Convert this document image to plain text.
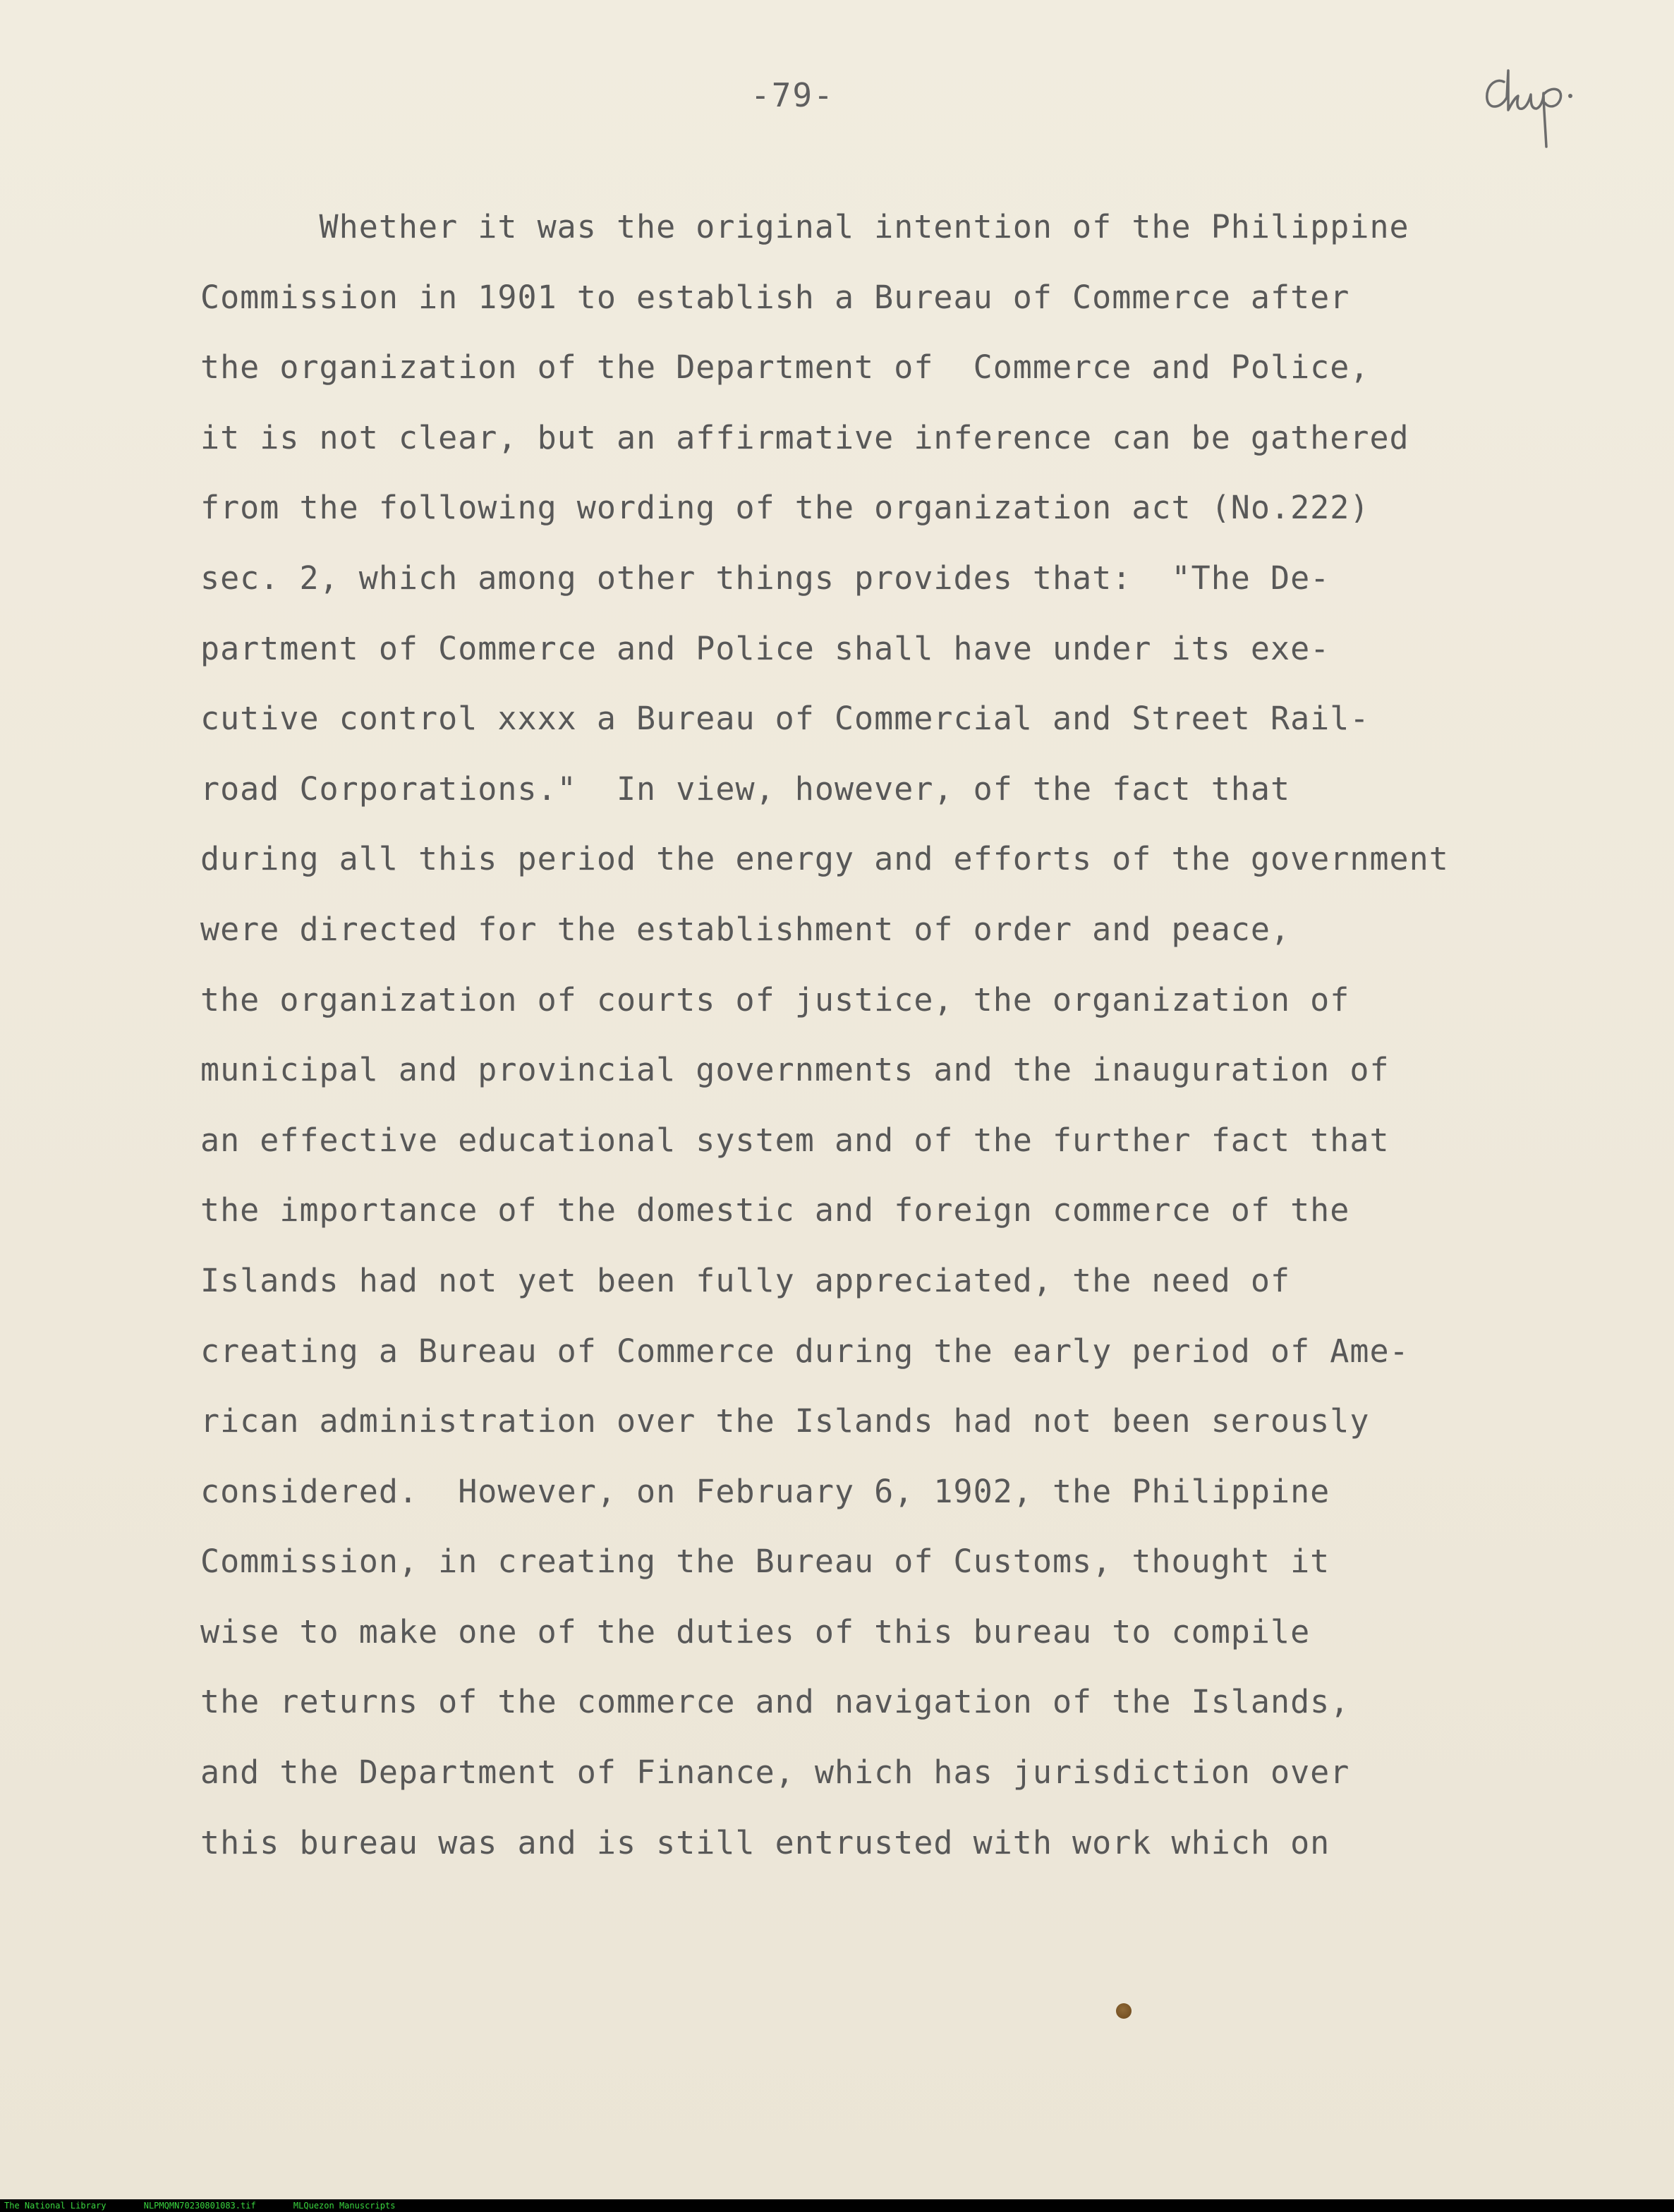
-79-
Whether it was the original intention of the Philippine
Commission in 1901 to establish a Bureau of Commerce after
the organization of the Department of  Commerce and Police,
it is not clear, but an affirmative inference can be gathered
from the following wording of the organization act (No.222)
sec. 2, which among other things provides that:  "The De-
partment of Commerce and Police shall have under its exe-
cutive control xxxx a Bureau of Commercial and Street Rail-
road Corporations."  In view, however, of the fact that
during all this period the energy and efforts of the government
were directed for the establishment of order and peace,
the organization of courts of justice, the organization of
municipal and provincial governments and the inauguration of
an effective educational system and of the further fact that
the importance of the domestic and foreign commerce of the
Islands had not yet been fully appreciated, the need of
creating a Bureau of Commerce during the early period of Ame-
rican administration over the Islands had not been serously
considered.  However, on February 6, 1902, the Philippine
Commission, in creating the Bureau of Customs, thought it
wise to make one of the duties of this bureau to compile
the returns of the commerce and navigation of the Islands,
and the Department of Finance, which has jurisdiction over
this bureau was and is still entrusted with work which on
The National Library	NLPMQMN70230801083.tif	MLQuezon Manuscripts
